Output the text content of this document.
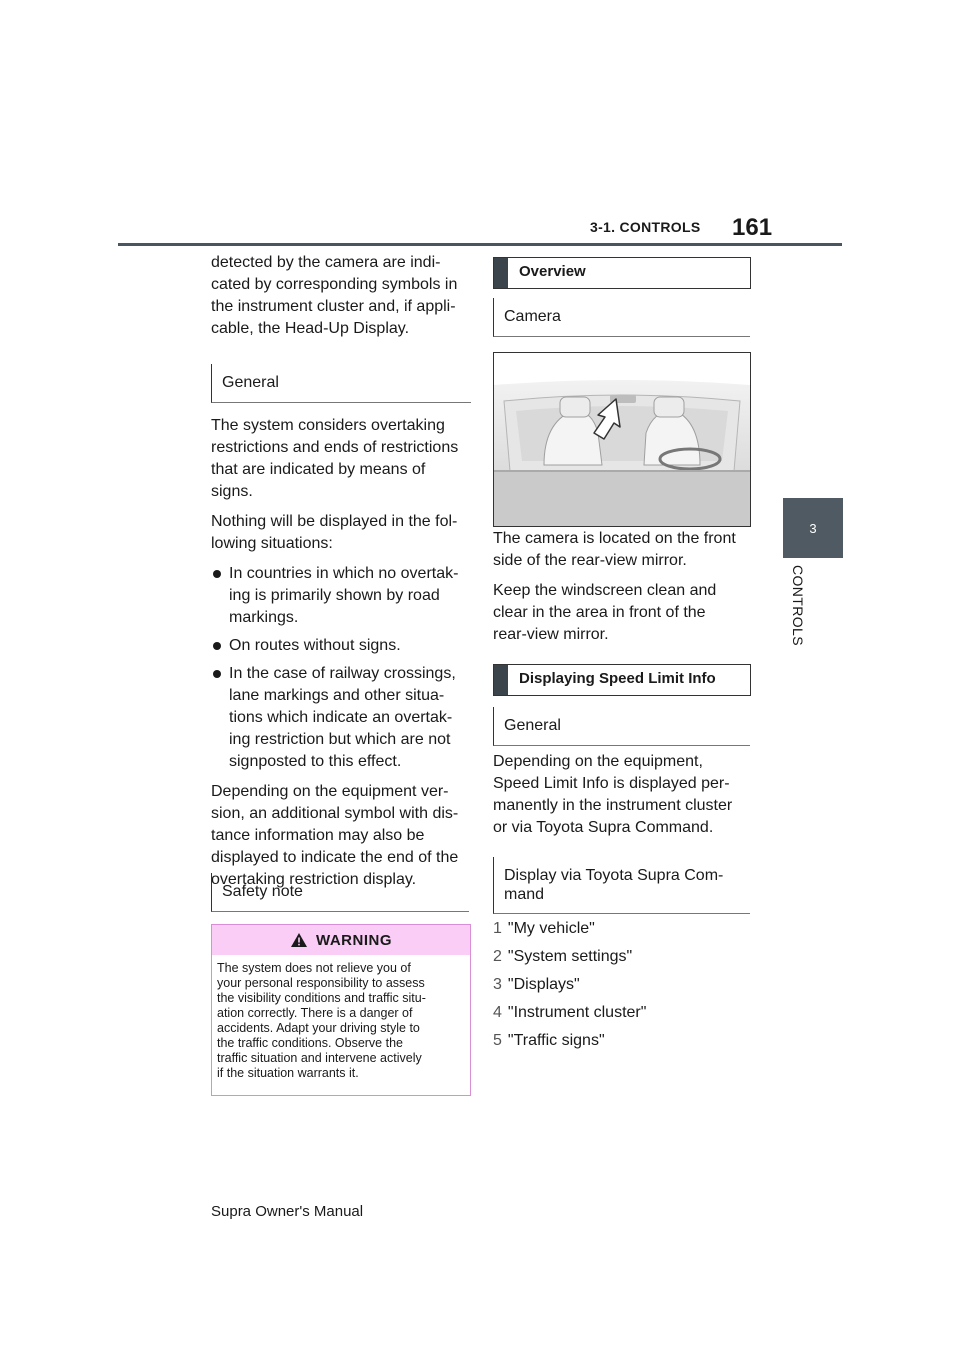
3-1. CONTROLS 161
3
CONTROLS

detected by the camera are indi-

cated by corresponding symbols in

the instrument cluster and, if appli-

cable, the Head-Up Display.

General

The system considers overtaking

restrictions and ends of restrictions

that are indicated by means of

signs.

Nothing will be displayed in the fol-

lowing situations:

In countries in which no overtak-

ing is primarily shown by road

markings.

On routes without signs.

In the case of railway crossings,

lane markings and other situa-

tions which indicate an overtak-

ing restriction but which are not

signposted to this effect.

Depending on the equipment ver-

sion, an additional symbol with dis-

tance information may also be

displayed to indicate the end of the

overtaking restriction display.

Safety note
WARNING
The system does not relieve you of
your personal responsibility to assess
the visibility conditions and traffic situ-
ation correctly. There is a danger of
accidents. Adapt your driving style to
the traffic conditions. Observe the
traffic situation and intervene actively
if the situation warrants it.
Overview
Camera

The camera is located on the front

side of the rear-view mirror.

Keep the windscreen clean and

clear in the area in front of the

rear-view mirror.

Displaying Speed Limit Info
General

Depending on the equipment,

Speed Limit Info is displayed per-

manently in the instrument cluster

or via Toyota Supra Command.

Display via Toyota Supra Com-
mand
1 "My vehicle"
2 "System settings"
3 "Displays"
4 "Instrument cluster"
5 "Traffic signs"
Supra Owner's Manual
